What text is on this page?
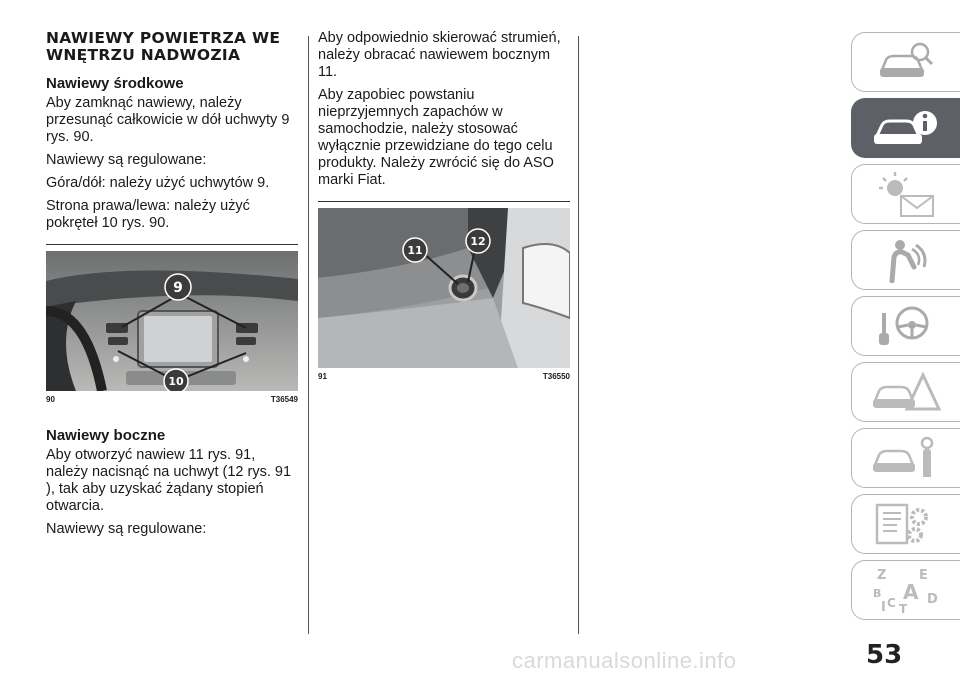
NAWIEWY POWIETRZA WE WNĘTRZU NADWOZIA
Nawiewy środkowe

Aby zamknąć nawiewy, należy przesunąć całkowicie w dół uchwyty 9 rys. 90.

Nawiewy są regulowane:

Góra/dół: należy użyć uchwytów 9.

Strona prawa/lewa: należy użyć pokręteł 10 rys. 90.

9
10
90	T36549
Nawiewy boczne

Aby otworzyć nawiew 11 rys. 91, należy nacisnąć na uchwyt (12 rys. 91 ), tak aby uzyskać żądany stopień otwarcia.

Nawiewy są regulowane:

Aby odpowiednio skierować strumień, należy obracać nawiewem bocznym 11.

Aby zapobiec powstaniu nieprzyjemnych zapachów w samochodzie, należy stosować wyłącznie przewidziane do tego celu produkty. Należy zwrócić się do ASO marki Fiat.

11
12
91	T36550
Z	E
B A D
C
I T
53
carmanualsonline.info
